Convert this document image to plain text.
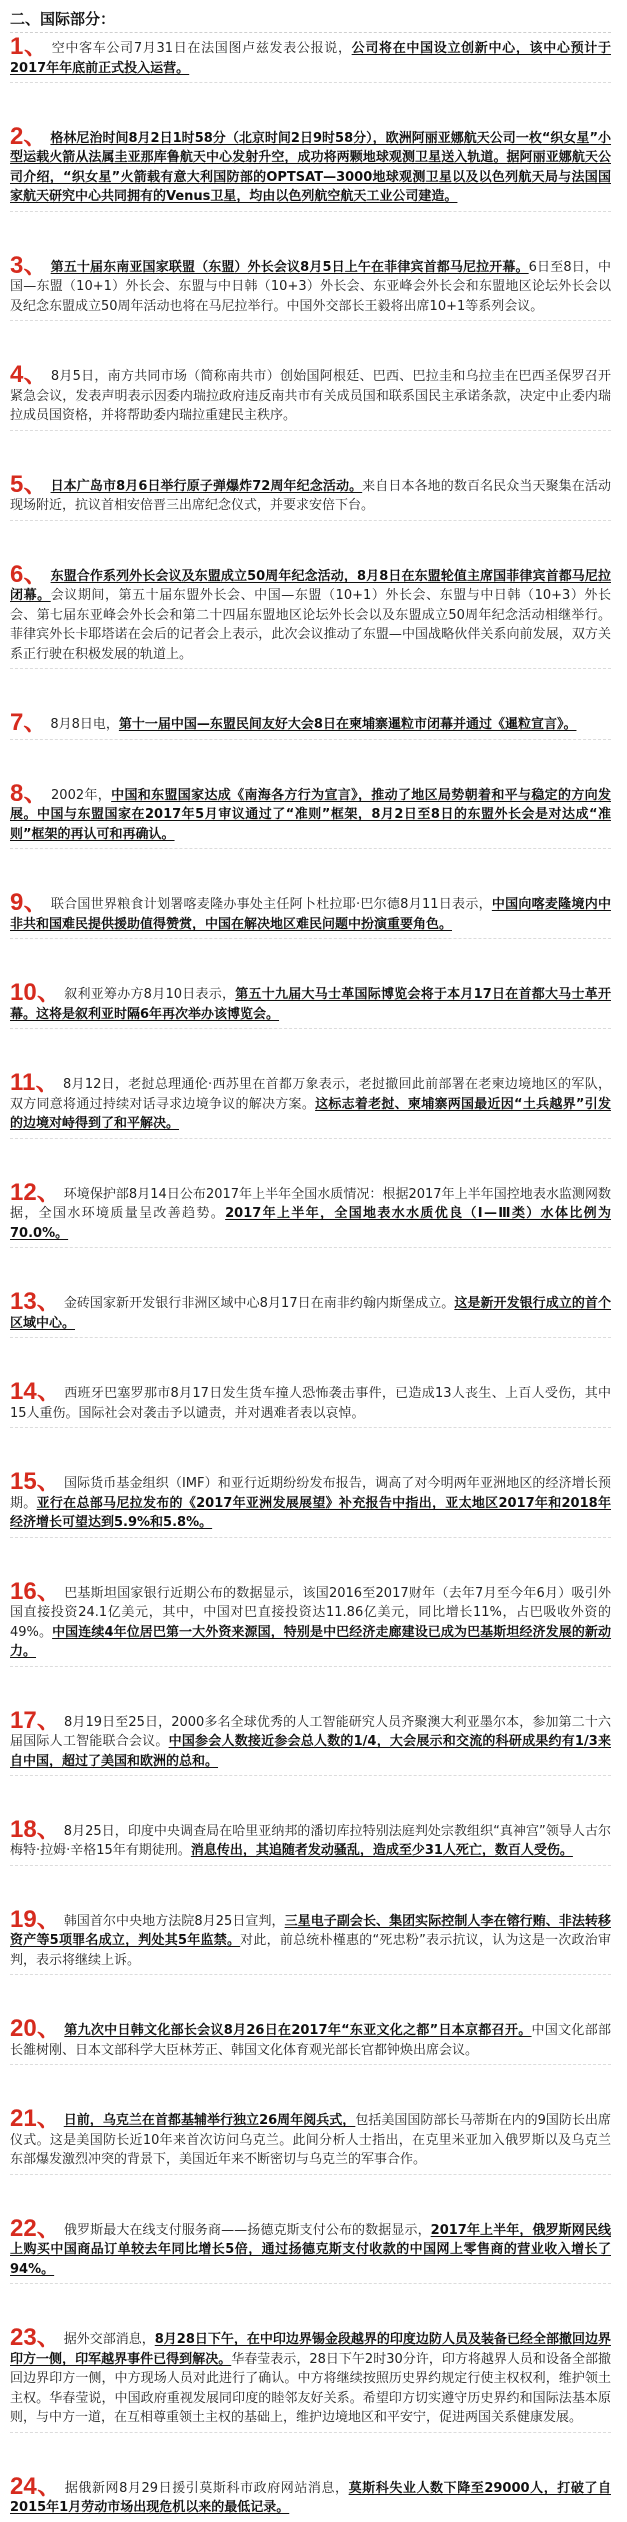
二、国际部分：
1、 空中客车公司7月31日在法国图卢兹发表公报说，公司将在中国设立创新中心，该中心预计于2017年年底前正式投入运营。
2、 格林尼治时间8月2日1时58分（北京时间2日9时58分），欧洲阿丽亚娜航天公司一枚“织女星”小型运载火箭从法属圭亚那库鲁航天中心发射升空，成功将两颗地球观测卫星送入轨道。据阿丽亚娜航天公司介绍，“织女星”火箭载有意大利国防部的OPTSAT—3000地球观测卫星以及以色列航天局与法国国家航天研究中心共同拥有的Venus卫星，均由以色列航空航天工业公司建造。
3、 第五十届东南亚国家联盟（东盟）外长会议8月5日上午在菲律宾首都马尼拉开幕。6日至8日，中国—东盟（10+1）外长会、东盟与中日韩（10+3）外长会、东亚峰会外长会和东盟地区论坛外长会以及纪念东盟成立50周年活动也将在马尼拉举行。中国外交部长王毅将出席10+1等系列会议。
4、 8月5日，南方共同市场（简称南共市）创始国阿根廷、巴西、巴拉圭和乌拉圭在巴西圣保罗召开紧急会议，发表声明表示因委内瑞拉政府违反南共市有关成员国和联系国民主承诺条款，决定中止委内瑞拉成员国资格，并将帮助委内瑞拉重建民主秩序。
5、 日本广岛市8月6日举行原子弹爆炸72周年纪念活动。来自日本各地的数百名民众当天聚集在活动现场附近，抗议首相安倍晋三出席纪念仪式，并要求安倍下台。
6、 东盟合作系列外长会议及东盟成立50周年纪念活动，8月8日在东盟轮值主席国菲律宾首都马尼拉闭幕。会议期间，第五十届东盟外长会、中国—东盟（10+1）外长会、东盟与中日韩（10+3）外长会、第七届东亚峰会外长会和第二十四届东盟地区论坛外长会以及东盟成立50周年纪念活动相继举行。菲律宾外长卡耶塔诺在会后的记者会上表示，此次会议推动了东盟—中国战略伙伴关系向前发展，双方关系正行驶在积极发展的轨道上。
7、 8月8日电，第十一届中国—东盟民间友好大会8日在柬埔寨暹粒市闭幕并通过《暹粒宣言》。
8、 2002年，中国和东盟国家达成《南海各方行为宣言》，推动了地区局势朝着和平与稳定的方向发展。中国与东盟国家在2017年5月审议通过了“准则”框架，8月2日至8日的东盟外长会是对达成“准则”框架的再认可和再确认。
9、 联合国世界粮食计划署喀麦隆办事处主任阿卜杜拉耶·巴尔德8月11日表示，中国向喀麦隆境内中非共和国难民提供援助值得赞赏，中国在解决地区难民问题中扮演重要角色。
10、 叙利亚筹办方8月10日表示，第五十九届大马士革国际博览会将于本月17日在首都大马士革开幕。这将是叙利亚时隔6年再次举办该博览会。
11、 8月12日，老挝总理通伦·西苏里在首都万象表示，老挝撤回此前部署在老柬边境地区的军队，双方同意将通过持续对话寻求边境争议的解决方案。这标志着老挝、柬埔寨两国最近因“土兵越界”引发的边境对峙得到了和平解决。
12、 环境保护部8月14日公布2017年上半年全国水质情况：根据2017年上半年国控地表水监测网数据，全国水环境质量呈改善趋势。2017年上半年，全国地表水水质优良（Ⅰ—Ⅲ类）水体比例为70.0%。
13、 金砖国家新开发银行非洲区域中心8月17日在南非约翰内斯堡成立。这是新开发银行成立的首个区域中心。
14、 西班牙巴塞罗那市8月17日发生货车撞人恐怖袭击事件，已造成13人丧生、上百人受伤，其中15人重伤。国际社会对袭击予以谴责，并对遇难者表以哀悼。
15、 国际货币基金组织（IMF）和亚行近期纷纷发布报告，调高了对今明两年亚洲地区的经济增长预期。亚行在总部马尼拉发布的《2017年亚洲发展展望》补充报告中指出，亚太地区2017年和2018年经济增长可望达到5.9%和5.8%。
16、 巴基斯坦国家银行近期公布的数据显示，该国2016至2017财年（去年7月至今年6月）吸引外国直接投资24.1亿美元，其中，中国对巴直接投资达11.86亿美元，同比增长11%，占巴吸收外资的49%。中国连续4年位居巴第一大外资来源国，特别是中巴经济走廊建设已成为巴基斯坦经济发展的新动力。
17、 8月19日至25日，2000多名全球优秀的人工智能研究人员齐聚澳大利亚墨尔本，参加第二十六届国际人工智能联合会议。中国参会人数接近参会总人数的1/4，大会展示和交流的科研成果约有1/3来自中国，超过了美国和欧洲的总和。
18、 8月25日，印度中央调查局在哈里亚纳邦的潘切库拉特别法庭判处宗教组织“真神宫”领导人古尔梅特·拉姆·辛格15年有期徒刑。消息传出，其追随者发动骚乱，造成至少31人死亡，数百人受伤。
19、 韩国首尔中央地方法院8月25日宣判，三星电子副会长、集团实际控制人李在镕行贿、非法转移资产等5项罪名成立，判处其5年监禁。对此，前总统朴槿惠的“死忠粉”表示抗议，认为这是一次政治审判，表示将继续上诉。
20、 第九次中日韩文化部长会议8月26日在2017年“东亚文化之都”日本京都召开。中国文化部部长雒树刚、日本文部科学大臣林芳正、韩国文化体育观光部长官都钟焕出席会议。
21、 日前，乌克兰在首都基辅举行独立26周年阅兵式，包括美国国防部长马蒂斯在内的9国防长出席仪式。这是美国防长近10年来首次访问乌克兰。此间分析人士指出，在克里米亚加入俄罗斯以及乌克兰东部爆发激烈冲突的背景下，美国近年来不断密切与乌克兰的军事合作。
22、 俄罗斯最大在线支付服务商——扬德克斯支付公布的数据显示，2017年上半年，俄罗斯网民线上购买中国商品订单较去年同比增长5倍，通过扬德克斯支付收款的中国网上零售商的营业收入增长了94%。
23、 据外交部消息，8月28日下午，在中印边界锡金段越界的印度边防人员及装备已经全部撤回边界印方一侧，印军越界事件已得到解决。华春莹表示，28日下午2时30分许，印方将越界人员和设备全部撤回边界印方一侧，中方现场人员对此进行了确认。中方将继续按照历史界约规定行使主权权利，维护领土主权。华春莹说，中国政府重视发展同印度的睦邻友好关系。希望印方切实遵守历史界约和国际法基本原则，与中方一道，在互相尊重领土主权的基础上，维护边境地区和平安宁，促进两国关系健康发展。
24、 据俄新网8月29日援引莫斯科市政府网站消息，莫斯科失业人数下降至29000人，打破了自2015年1月劳动市场出现危机以来的最低记录。
